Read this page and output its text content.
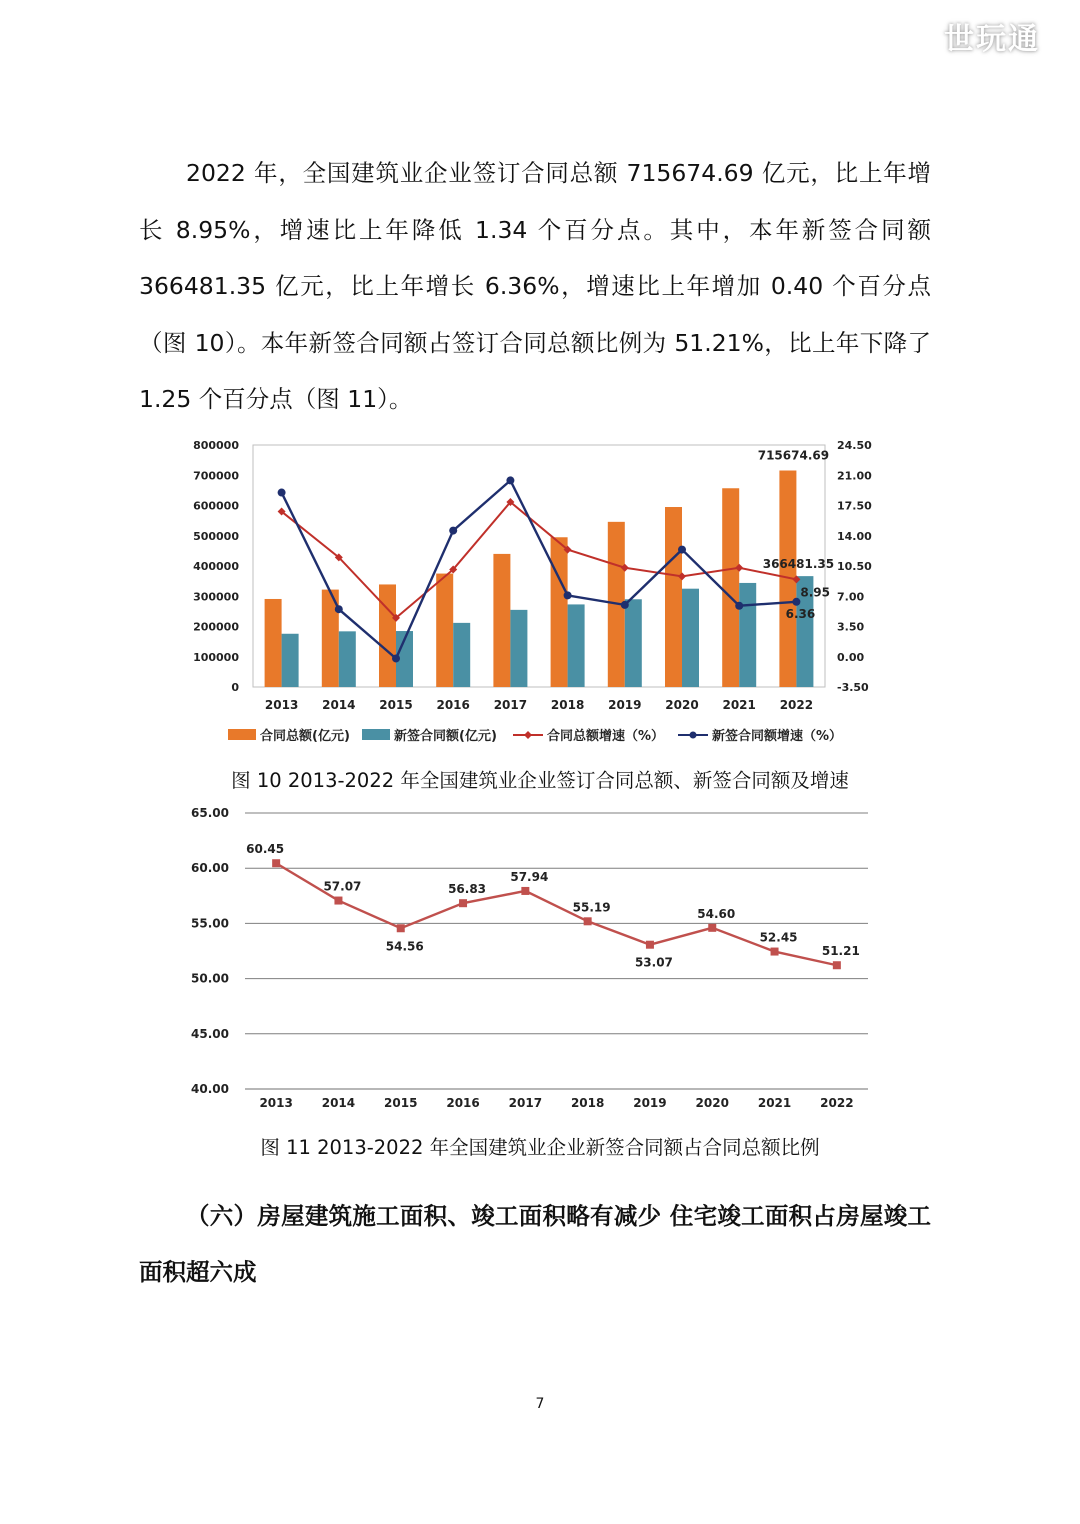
世玩通

2022 年，全国建筑业企业签订合同总额 715674.69 亿元，比上年增长 8.95%，增速比上年降低 1.34 个百分点。其中，本年新签合同额 366481.35 亿元，比上年增长 6.36%，增速比上年增加 0.40 个百分点（图 10）。本年新签合同额占签订合同总额比例为 51.21%，比上年下降了 1.25 个百分点（图 11）。

0
100000
200000
300000
400000
500000
600000
700000
800000
-3.50
0.00
3.50
7.00
10.50
14.00
17.50
21.00
24.50
2013 2014 2015 2016 2017 2018 2019 2020 2021 2022
715674.69
366481.35
8.95
6.36
合同总额(亿元)	新签合同额(亿元)	合同总额增速（%）	新签合同额增速（%）

图 10 2013-2022 年全国建筑业企业签订合同总额、新签合同额及增速

40.00
45.00
50.00
55.00
60.00
65.00
2013 2014 2015 2016 2017 2018 2019 2020 2021 2022
60.45
57.07
54.56
56.83
57.94
55.19
53.07
54.60
52.45
51.21

图 11 2013-2022 年全国建筑业企业新签合同额占合同总额比例

（六）房屋建筑施工面积、竣工面积略有减少 住宅竣工面积占房屋竣工面积超六成

7
